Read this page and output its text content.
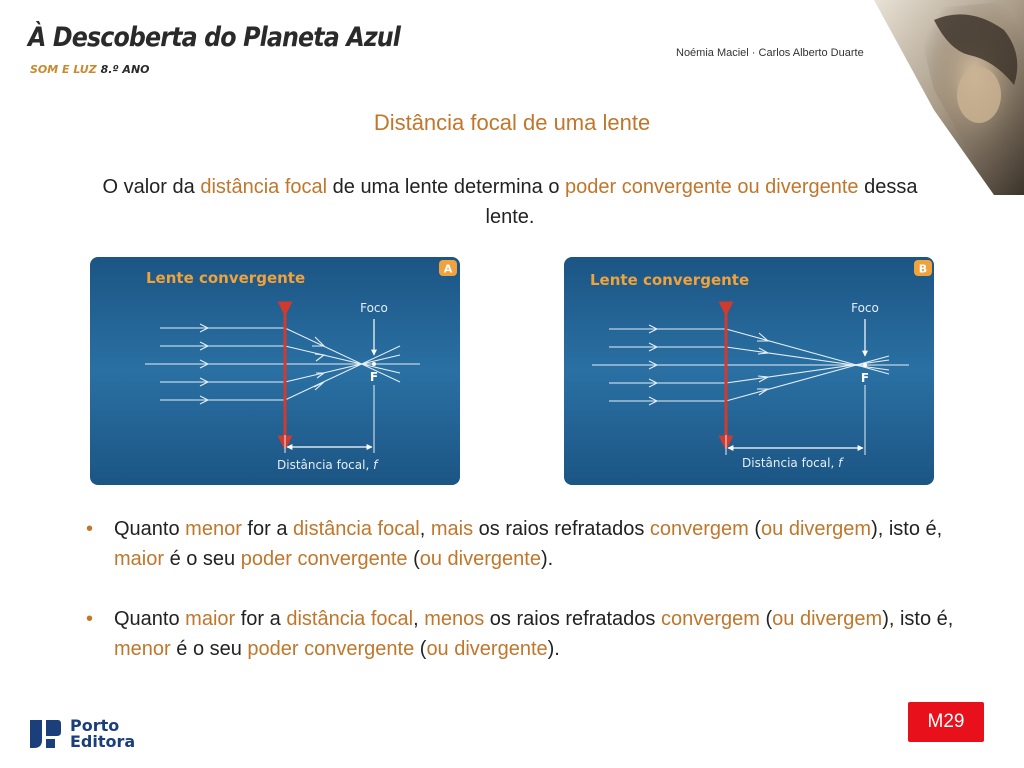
À Descoberta do Planeta Azul
SOM E LUZ 8.º ANO
Noémia Maciel · Carlos Alberto Duarte
Distância focal de uma lente
O valor da distância focal de uma lente determina o poder convergente ou divergente dessa lente.
Lente convergente	A
Foco
F
Distância focal, f
Lente convergente
B
Foco
F
Distância focal, f
• Quanto menor for a distância focal, mais os raios refratados convergem (ou divergem), isto é, maior é o seu poder convergente (ou divergente).
• Quanto maior for a distância focal, menos os raios refratados convergem (ou divergem), isto é, menor é o seu poder convergente (ou divergente).
Porto
Editora
M29
